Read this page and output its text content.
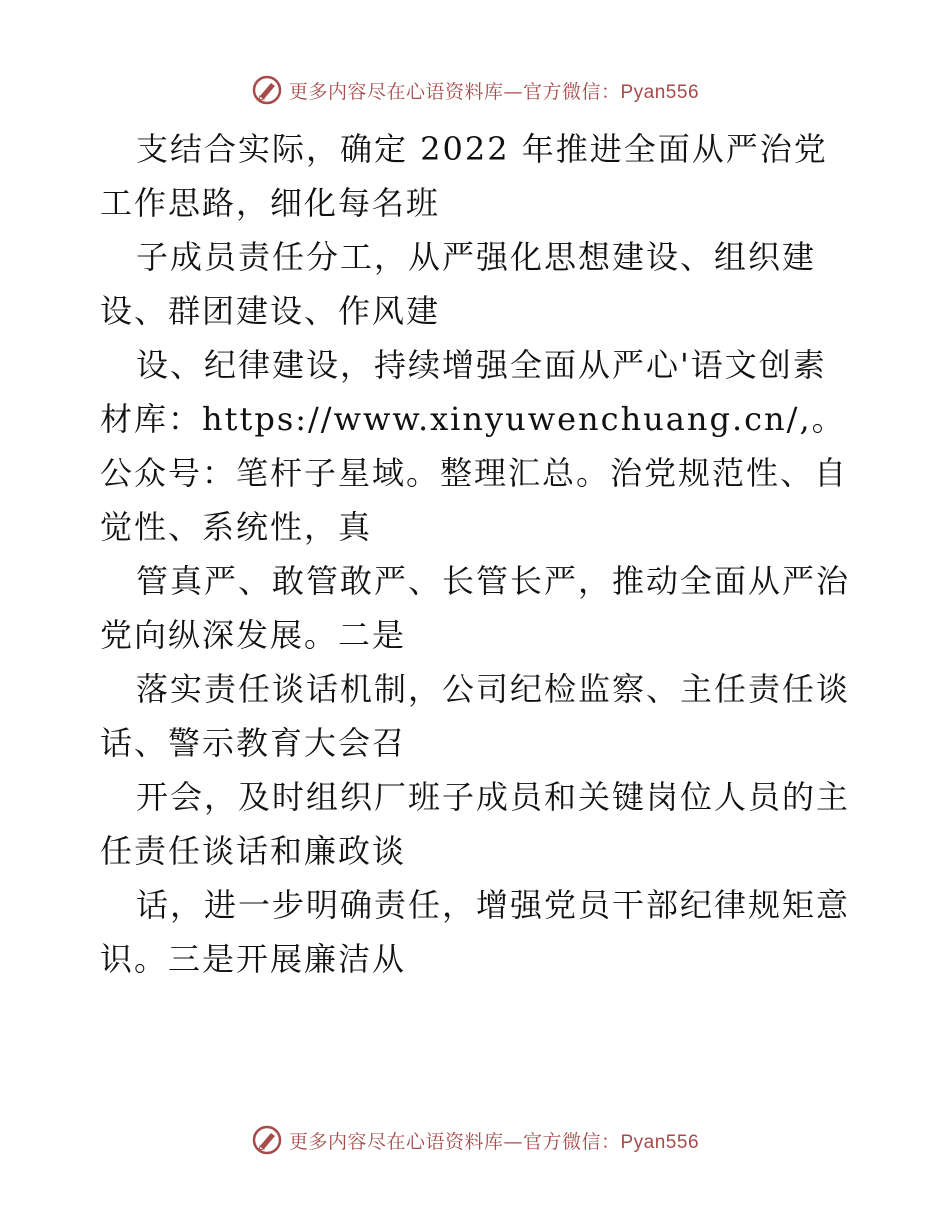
更多内容尽在心语资料库—官方微信：Pyan556

支结合实际，确定 2022 年推进全面从严治党工作思路，细化每名班

子成员责任分工，从严强化思想建设、组织建设、群团建设、作风建

设、纪律建设，持续增强全面从严心'语文创素材库：https://www.xinyuwenchuang.cn/,。公众号：笔杆子星域。整理汇总。治党规范性、自觉性、系统性，真

管真严、敢管敢严、长管长严，推动全面从严治党向纵深发展。二是

落实责任谈话机制，公司纪检监察、主任责任谈话、警示教育大会召

开会，及时组织厂班子成员和关键岗位人员的主任责任谈话和廉政谈

话，进一步明确责任，增强党员干部纪律规矩意识。三是开展廉洁从

更多内容尽在心语资料库—官方微信：Pyan556
